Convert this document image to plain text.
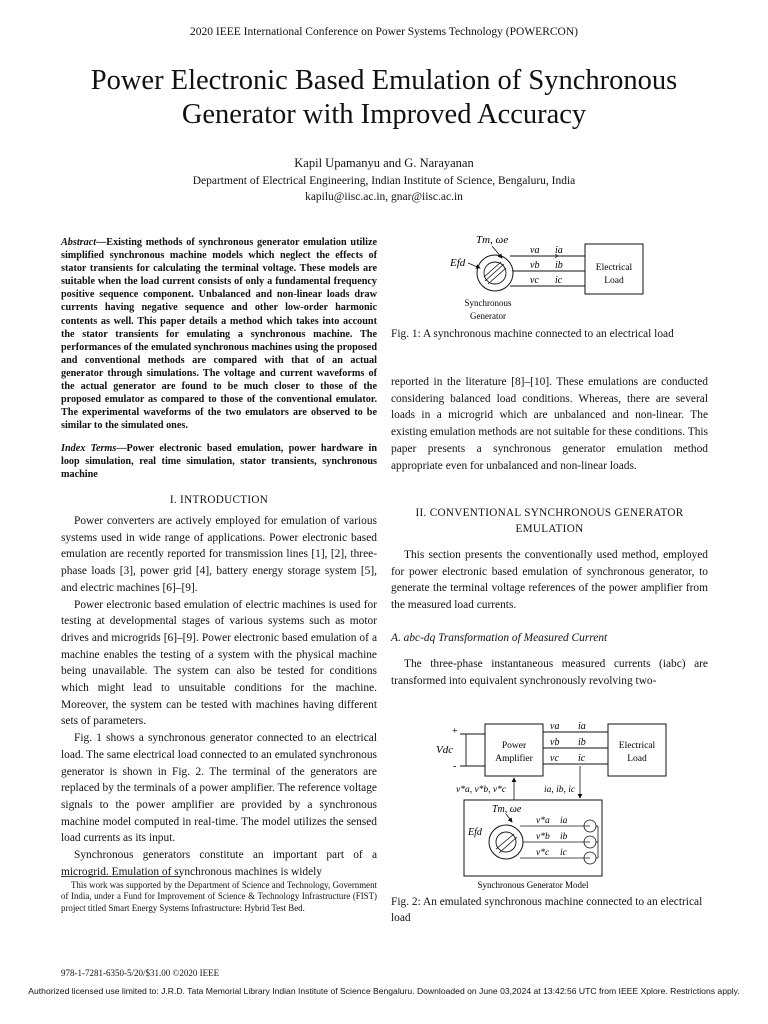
2020 IEEE International Conference on Power Systems Technology (POWERCON)
Power Electronic Based Emulation of Synchronous Generator with Improved Accuracy
Kapil Upamanyu and G. Narayanan
Department of Electrical Engineering, Indian Institute of Science, Bengaluru, India
kapilu@iisc.ac.in, gnar@iisc.ac.in
Abstract—Existing methods of synchronous generator emulation utilize simplified synchronous machine models which neglect the effects of stator transients for calculating the terminal voltage. These models are suitable when the load current consists of only a fundamental frequency positive sequence component. Unbalanced and non-linear loads draw currents having negative sequence and other low-order harmonic contents as well. This paper details a method which takes into account the stator transients for emulating a synchronous machine. The performances of the emulated synchronous machines using the proposed and conventional methods are compared with that of an actual generator through simulations. The voltage and current waveforms of the actual generator are found to be much closer to those of the proposed emulator as compared to those of the conventional emulator. The experimental waveforms of the two emulators are observed to be similar to the simulated ones.
Index Terms—Power electronic based emulation, power hardware in loop simulation, real time simulation, stator transients, synchronous machine
I. INTRODUCTION

Power converters are actively employed for emulation of various systems used in wide range of applications. Power electronic based emulation are recently reported for transmission lines [1], [2], three-phase loads [3], power grid [4], battery energy storage system [5], and electric machines [6]–[9].

Power electronic based emulation of electric machines is used for testing at developmental stages of various systems such as motor drives and microgrids [6]–[9]. Power electronic based emulation of a machine enables the testing of a system with the physical machine being unavailable. The system can also be tested for conditions which might lead to unsuitable conditions for the machine. Moreover, the system can be tested with machines having different sets of parameters.

Fig. 1 shows a synchronous generator connected to an electrical load. The same electrical load connected to an emulated synchronous generator is shown in Fig. 2. The terminal of the generators are replaced by the terminals of a power amplifier. The reference voltage signals to the power amplifier are provided by a synchronous machine model computed in real-time. The model utilizes the sensed load currents as its input.

Synchronous generators constitute an important part of a microgrid. Emulation of synchronous machines is widely

This work was supported by the Department of Science and Technology, Government of India, under a Fund for Improvement of Science & Technology Infrastructure (FIST) project titled Smart Energy Systems Infrastructure: Hybrid Test Bed.
978-1-7281-6350-5/20/$31.00 ©2020 IEEE
Authorized licensed use limited to: J.R.D. Tata Memorial Library Indian Institute of Science Bengaluru. Downloaded on June 03,2024 at 13:42:56 UTC from IEEE Xplore. Restrictions apply.
Tm, ωe
Efd
va
vb
vc
ia
ib
ic
Electrical
Load
Synchronous
Generator
Fig. 1: A synchronous machine connected to an electrical load
reported in the literature [8]–[10]. These emulations are conducted considering balanced load conditions. Whereas, there are several loads in a microgrid which are unbalanced and non-linear. The existing emulation methods are not suitable for these conditions. This paper presents a synchronous generator emulation method appropriate even for unbalanced and non-linear loads.
II. CONVENTIONAL SYNCHRONOUS GENERATOR
EMULATION

This section presents the conventionally used method, employed for power electronic based emulation of synchronous generator, to generate the terminal voltage references of the power amplifier from the measured load currents.

A. abc-dq Transformation of Measured Current

The three-phase instantaneous measured currents (iabc) are transformed into equivalent synchronously revolving two-

+
-
Vdc	Power
Amplifier
va
vb
vc
ia
ib
ic
Electrical
Load
v*a, v*b, v*c	ia, ib, ic
Tm, ωe
Efd
v*a
v*b
v*c
ia
ib
ic
Synchronous Generator Model
Fig. 2: An emulated synchronous machine connected to an electrical load
